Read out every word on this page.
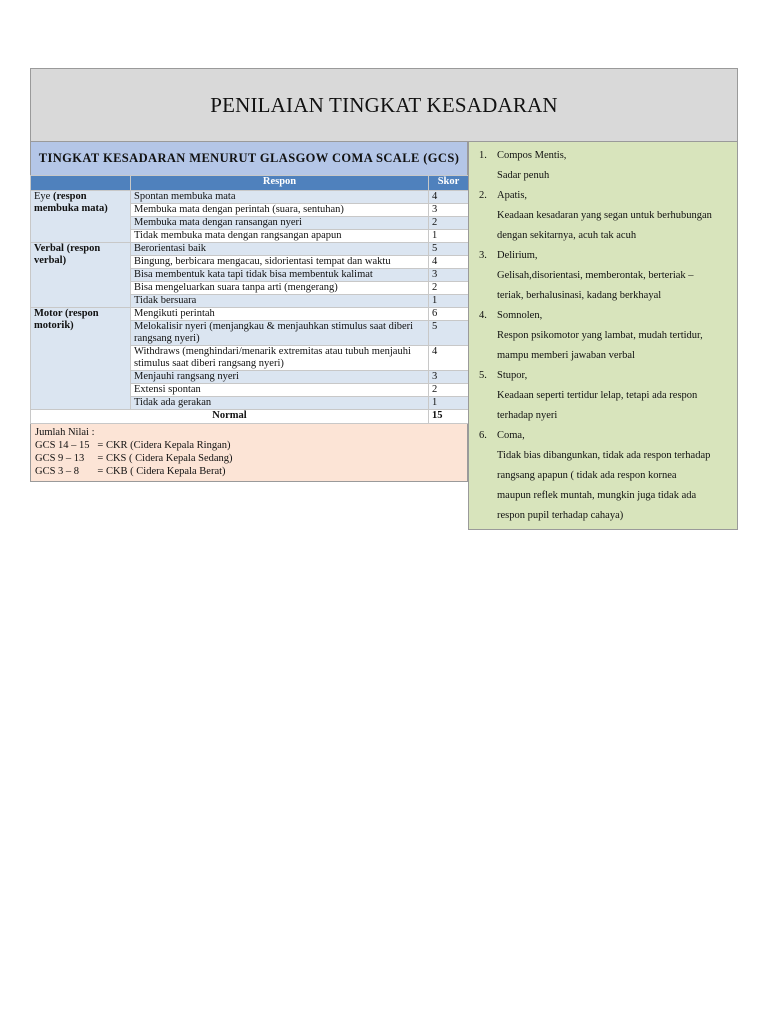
PENILAIAN TINGKAT KESADARAN
TINGKAT KESADARAN MENURUT GLASGOW COMA SCALE (GCS)
	Respon	Skor
Eye (respon membuka mata)	Spontan membuka mata	4
	Membuka mata dengan perintah (suara, sentuhan)	3
	Membuka mata dengan ransangan nyeri	2
	Tidak membuka mata dengan rangsangan apapun	1
Verbal (respon verbal)	Berorientasi baik	5
	Bingung, berbicara mengacau, sidorientasi tempat dan waktu	4
	Bisa membentuk kata tapi tidak bisa membentuk kalimat	3
	Bisa mengeluarkan suara tanpa arti (mengerang)	2
	Tidak bersuara	1
Motor (respon motorik)	Mengikuti perintah	6
	Melokalisir nyeri (menjangkau & menjauhkan stimulus saat diberi rangsang nyeri)	5
	Withdraws (menghindari/menarik extremitas atau tubuh menjauhi stimulus saat diberi rangsang nyeri)	4
	Menjauhi rangsang nyeri	3
	Extensi spontan	2
	Tidak ada gerakan	1
Normal		15
Jumlah Nilai :
GCS 14 – 15   = CKR (Cidera Kepala Ringan)
GCS 9 – 13     = CKS ( Cidera Kepala Sedang)
GCS 3 – 8       = CKB ( Cidera Kepala Berat)
1. Compos Mentis,
Sadar penuh
2. Apatis,
Keadaan kesadaran yang segan untuk berhubungan
dengan sekitarnya, acuh tak acuh
3. Delirium,
Gelisah,disorientasi, memberontak, berteriak –
teriak, berhalusinasi, kadang berkhayal
4. Somnolen,
Respon psikomotor yang lambat, mudah tertidur,
mampu memberi jawaban verbal
5. Stupor,
Keadaan seperti tertidur lelap, tetapi ada respon
terhadap nyeri
6. Coma,
Tidak bias dibangunkan, tidak ada respon terhadap
rangsang apapun ( tidak ada respon kornea
maupun reflek muntah, mungkin juga tidak ada
respon pupil terhadap cahaya)
